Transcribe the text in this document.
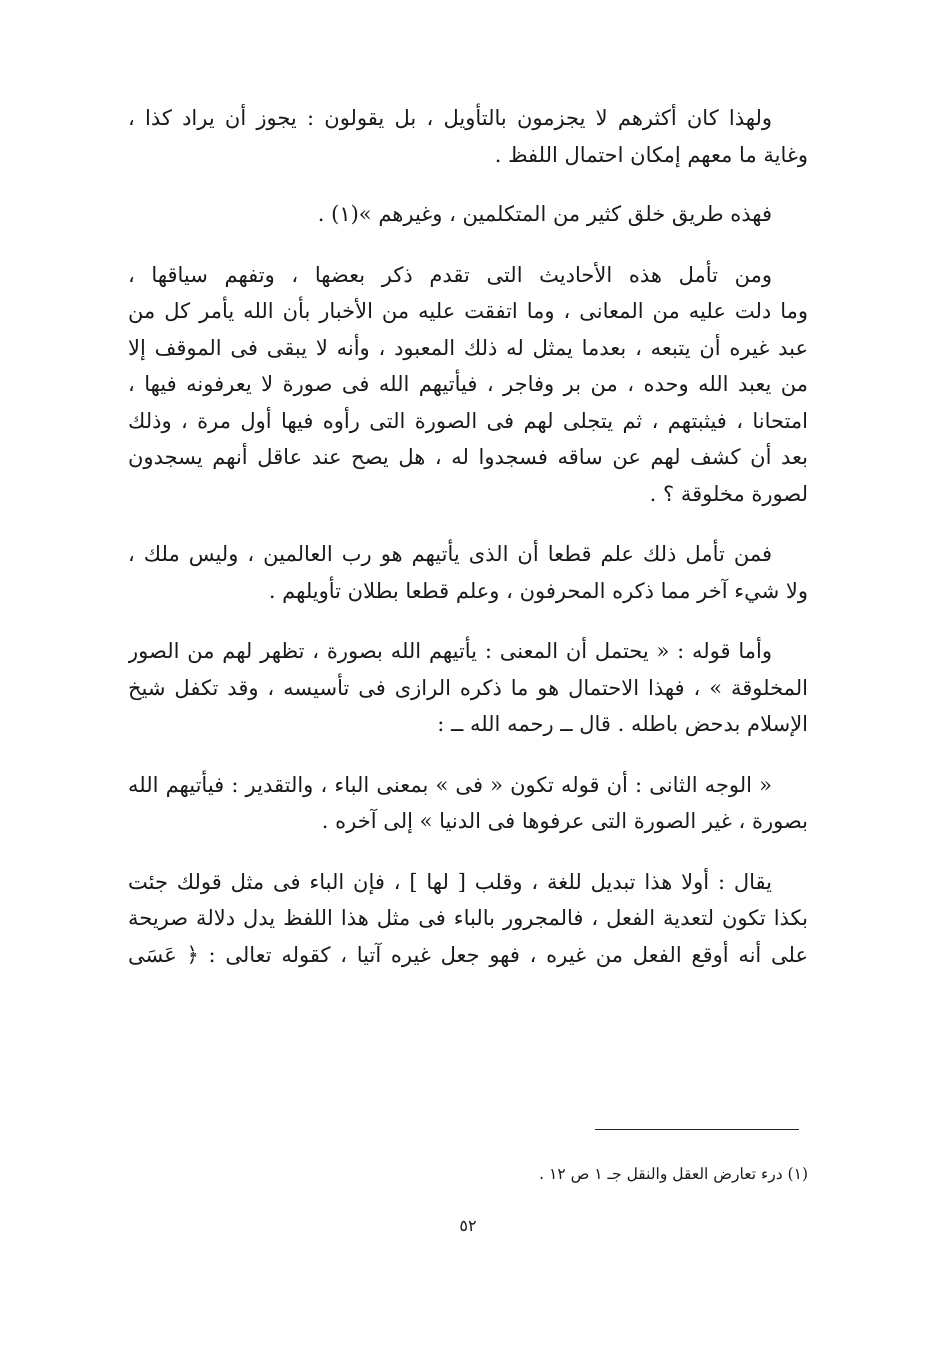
ولهذا كان أكثرهم لا يجزمون بالتأويل ، بل يقولون : يجوز أن يراد كذا ،
وغاية ما معهم إمكان احتمال اللفظ .

فهذه طريق خلق كثير من المتكلمين ، وغيرهم »(١) .

ومن تأمل هذه الأحاديث التى تقدم ذكر بعضها ، وتفهم سياقها ،
وما دلت عليه من المعانى ، وما اتفقت عليه من الأخبار بأن الله يأمر كل من
عبد غيره أن يتبعه ، بعدما يمثل له ذلك المعبود ، وأنه لا يبقى فى الموقف إلا
من يعبد الله وحده ، من بر وفاجر ، فيأتيهم الله فى صورة لا يعرفونه فيها ،
امتحانا ، فيثبتهم ، ثم يتجلى لهم فى الصورة التى رأوه فيها أول مرة ، وذلك
بعد أن كشف لهم عن ساقه فسجدوا له ، هل يصح عند عاقل أنهم يسجدون
لصورة مخلوقة ؟ .

فمن تأمل ذلك علم قطعا أن الذى يأتيهم هو رب العالمين ، وليس ملك ،
ولا شيء آخر مما ذكره المحرفون ، وعلم قطعا بطلان تأويلهم .

وأما قوله : « يحتمل أن المعنى : يأتيهم الله بصورة ، تظهر لهم من الصور
المخلوقة » ، فهذا الاحتمال هو ما ذكره الرازى فى تأسيسه ، وقد تكفل شيخ
الإسلام بدحض باطله . قال ــ رحمه الله ــ :

« الوجه الثانى : أن قوله تكون « فى » بمعنى الباء ، والتقدير : فيأتيهم الله
بصورة ، غير الصورة التى عرفوها فى الدنيا » إلى آخره .

يقال : أولا هذا تبديل للغة ، وقلب [ لها ] ، فإن الباء فى مثل قولك جئت
بكذا تكون لتعدية الفعل ، فالمجرور بالباء فى مثل هذا اللفظ يدل دلالة صريحة
على أنه أوقع الفعل من غيره ، فهو جعل غيره آتيا ، كقوله تعالى : ﴿ عَسَى

(١) درء تعارض العقل والنقل جـ ١ ص ١٢ .
٥٢
